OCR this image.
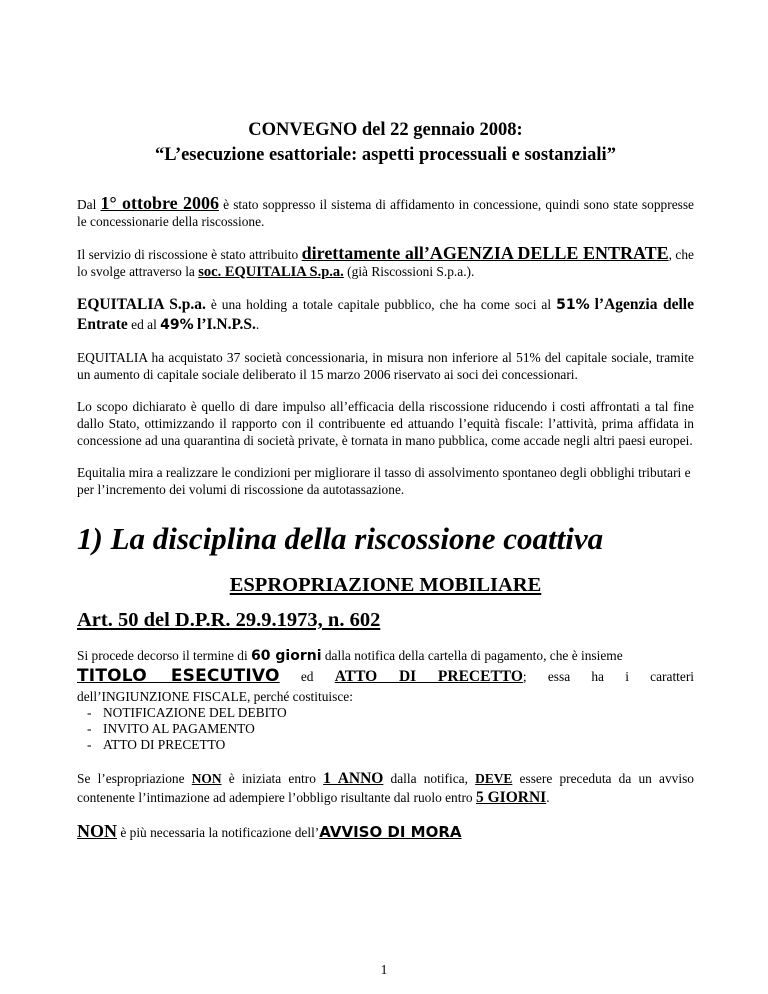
CONVEGNO del 22 gennaio 2008:

“L’esecuzione esattoriale: aspetti processuali e sostanziali”

Dal 1° ottobre 2006 è stato soppresso il sistema di affidamento in concessione, quindi sono state soppresse le concessionarie della riscossione.

Il servizio di riscossione è stato attribuito direttamente all’AGENZIA DELLE ENTRATE, che lo svolge attraverso la soc. EQUITALIA S.p.a. (già Riscossioni S.p.a.).

EQUITALIA S.p.a. è una holding a totale capitale pubblico, che ha come soci al 51% l’Agenzia delle Entrate ed al 49% l’I.N.P.S..

EQUITALIA ha acquistato 37 società concessionaria, in misura non inferiore al 51% del capitale sociale, tramite un aumento di capitale sociale deliberato il 15 marzo 2006 riservato ai soci dei concessionari.

Lo scopo dichiarato è quello di dare impulso all’efficacia della riscossione riducendo i costi affrontati a tal fine dallo Stato, ottimizzando il rapporto con il contribuente ed attuando l’equità fiscale: l’attività, prima affidata in concessione ad una quarantina di società private, è tornata in mano pubblica, come accade negli altri paesi europei.

Equitalia mira a realizzare le condizioni per migliorare il tasso di assolvimento spontaneo degli obblighi tributari e per l’incremento dei volumi di riscossione da autotassazione.

1) La disciplina della riscossione coattiva

ESPROPRIAZIONE MOBILIARE

Art. 50 del D.P.R. 29.9.1973, n. 602

Si procede decorso il termine di 60 giorni dalla notifica della cartella di pagamento, che è insieme

TITOLO ESECUTIVO ed ATTO DI PRECETTO; essa ha i caratteri

dell’INGIUNZIONE FISCALE, perché costituisce:

- NOTIFICAZIONE DEL DEBITO
- INVITO AL PAGAMENTO
- ATTO DI PRECETTO

Se l’espropriazione NON è iniziata entro 1 ANNO dalla notifica, DEVE essere preceduta da un avviso contenente l’intimazione ad adempiere l’obbligo risultante dal ruolo entro 5 GIORNI.

NON è più necessaria la notificazione dell’AVVISO DI MORA

1
